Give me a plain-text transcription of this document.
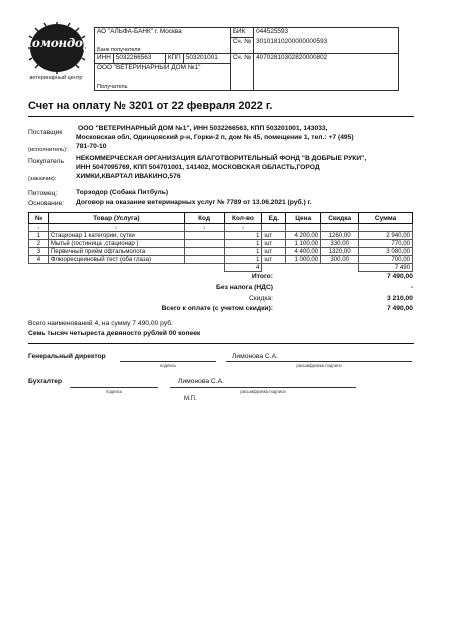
Комондор
ветеринарный центр
АО "АЛЬФА-БАНК" г. Москва				БИК	044525593
Банк получателя				Сч. №	30101810200000000593
ИНН	5032266563	КПП	503201001	Сч. №	40702810302820000802
ООО "ВЕТЕРИНАРНЫЙ ДОМ №1"					
Получатель					
Счет на оплату № 3201 от 22 февраля 2022 г.
Поставщик
(исполнитель):
ООО "ВЕТЕРИНАРНЫЙ ДОМ №1", ИНН 5032266563, КПП 503201001, 143033,
Московская обл, Одинцовский р-н, Горки-2 п, дом № 45, помещение 1, тел.: +7 (495)
781-70-10
Покупатель
(заказчик):
НЕКОММЕРЧЕСКАЯ ОРГАНИЗАЦИЯ БЛАГОТВОРИТЕЛЬНЫЙ ФОНД "В ДОБРЫЕ РУКИ",
ИНН 5047095769, КПП 504701001, 141402, МОСКОВСКАЯ ОБЛАСТЬ,ГОРОД
ХИМКИ,КВАРТАЛ ИВАКИНО,576
Питомец:	Торэодор (Собака Питбуль)
Основание: Договор на оказание ветеринарных услуг № 7789 от 13.06.2021 (руб.) г.
№	Товар (Услуга)	Код	Кол-во	Ед.	Цена	Скидка	Сумма
1	2	3	4				
1	Стационар 1 категории, сутки		1	шт	4 200,00	1260,00	2 940,00
2	Мытьё (гостиница ,стационар )		1	шт	1 100,00	330,00	770,00
3	Первичный приём офтальмолога		1	шт	4 400,00	1320,00	3 080,00
4	Флюоресцеиновый тест (оба глаза)		1	шт	1 000,00	300,00	700,00
			4				7 490
Итого:	7 490,00
Без налога (НДС)	-
Скидка:	3 210,00
Всего к оплате (с учетом скидки):	7 490,00
Всего наименований 4, на сумму 7 490,00 руб.
Семь тысяч четыреста девяносто рублей 00 копеек
Генеральный директор
подпись
Лимонова С.А.
расшифровка подписи
Бухгалтер
подпись
Лимонова С.А.
расшифровка подписи
М.П.
